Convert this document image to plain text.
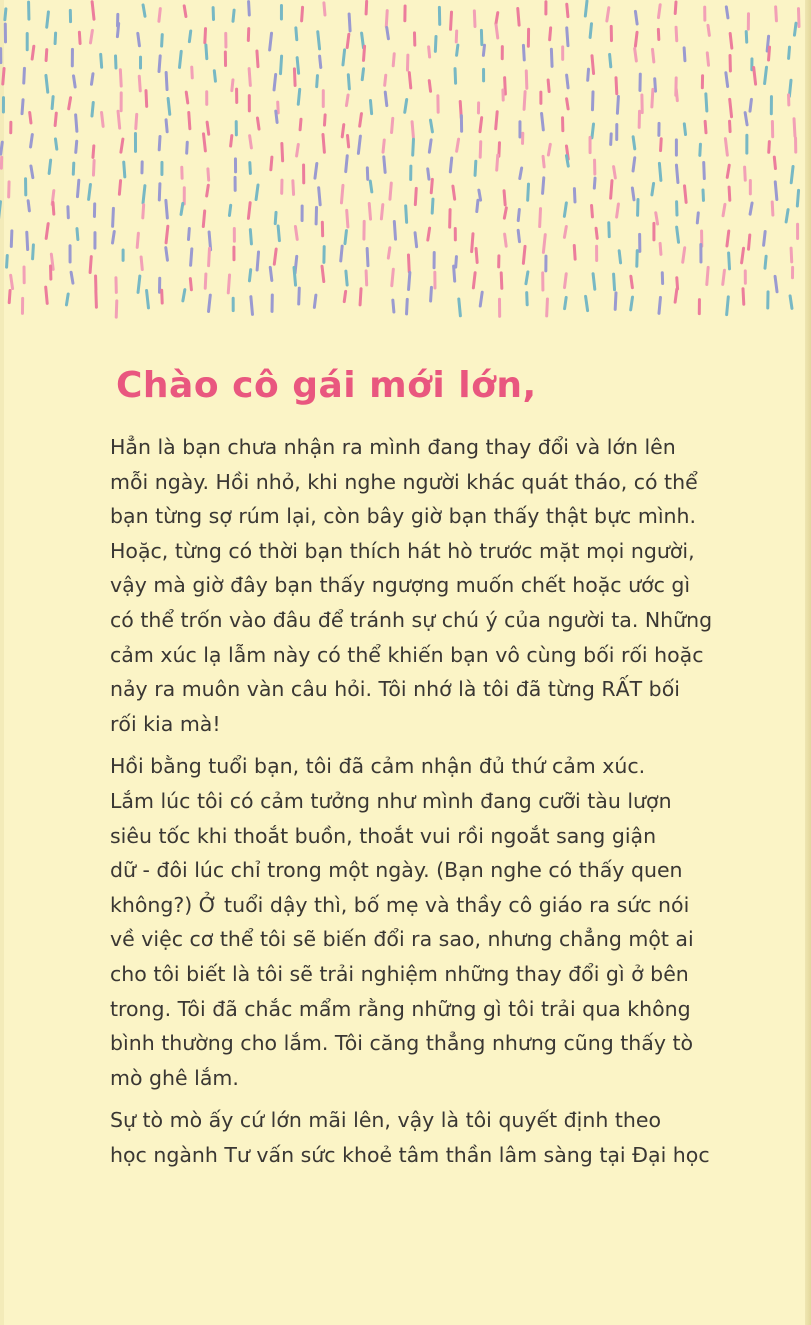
Chào cô gái mới lớn,

Hẳn là bạn chưa nhận ra mình đang thay đổi và lớn lên
mỗi ngày. Hồi nhỏ, khi nghe người khác quát tháo, có thể
bạn từng sợ rúm lại, còn bây giờ bạn thấy thật bực mình.
Hoặc, từng có thời bạn thích hát hò trước mặt mọi người,
vậy mà giờ đây bạn thấy ngượng muốn chết hoặc ước gì
có thể trốn vào đâu để tránh sự chú ý của người ta. Những
cảm xúc lạ lẫm này có thể khiến bạn vô cùng bối rối hoặc
nảy ra muôn vàn câu hỏi. Tôi nhớ là tôi đã từng RẤT bối
rối kia mà!

Hồi bằng tuổi bạn, tôi đã cảm nhận đủ thứ cảm xúc.
Lắm lúc tôi có cảm tưởng như mình đang cưỡi tàu lượn
siêu tốc khi thoắt buồn, thoắt vui rồi ngoắt sang giận
dữ - đôi lúc chỉ trong một ngày. (Bạn nghe có thấy quen
không?) Ở tuổi dậy thì, bố mẹ và thầy cô giáo ra sức nói
về việc cơ thể tôi sẽ biến đổi ra sao, nhưng chẳng một ai
cho tôi biết là tôi sẽ trải nghiệm những thay đổi gì ở bên
trong. Tôi đã chắc mẩm rằng những gì tôi trải qua không
bình thường cho lắm. Tôi căng thẳng nhưng cũng thấy tò
mò ghê lắm.

Sự tò mò ấy cứ lớn mãi lên, vậy là tôi quyết định theo
học ngành Tư vấn sức khoẻ tâm thần lâm sàng tại Đại học
